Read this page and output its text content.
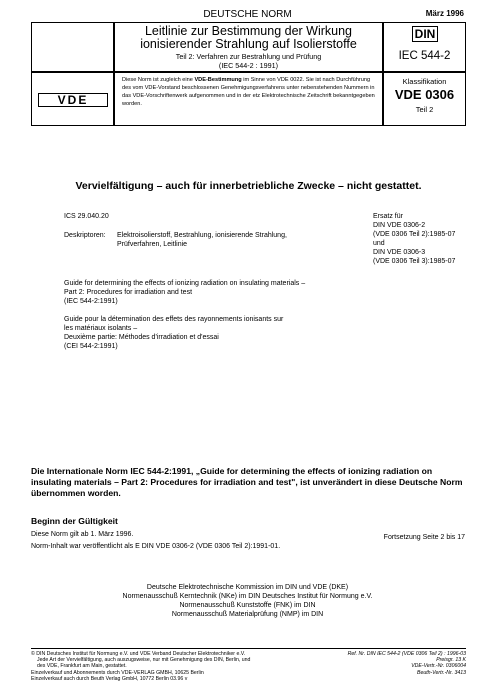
DEUTSCHE NORM	März 1996
Leitlinie zur Bestimmung der Wirkung
ionisierender Strahlung auf Isolierstoffe
Teil 2: Verfahren zur Bestrahlung und Prüfung
(IEC 544-2 : 1991)
DIN
IEC 544-2
VDE
Diese Norm ist zugleich eine VDE-Bestimmung im Sinne von VDE 0022. Sie ist nach Durchführung des vom VDE-Vorstand beschlossenen Genehmigungsverfahrens unter nebenstehenden Nummern in das VDE-Vorschriftenwerk aufgenommen und in der etz Elektrotechnische Zeitschrift bekanntgegeben worden.
Klassifikation
VDE 0306
Teil 2
Vervielfältigung – auch für innerbetriebliche Zwecke – nicht gestattet.
ICS 29.040.20
Deskriptoren: Elektroisolierstoff, Bestrahlung, ionisierende Strahlung,
Prüfverfahren, Leitlinie
Ersatz für
DIN VDE 0306-2
(VDE 0306 Teil 2):1985-07
und
DIN VDE 0306-3
(VDE 0306 Teil 3):1985-07
Guide for determining the effects of ionizing radiation on insulating materials –
Part 2: Procedures for irradiation and test
(IEC 544-2:1991)
Guide pour la détermination des effets des rayonnements ionisants sur
les matériaux isolants –
Deuxième partie: Méthodes d'irradiation et d'essai
(CEI 544-2:1991)
Die Internationale Norm IEC 544-2:1991, „Guide for determining the effects of ionizing radiation on insulating materials – Part 2: Procedures for irradiation and test", ist unverändert in diese Deutsche Norm übernommen worden.
Beginn der Gültigkeit
Diese Norm gilt ab 1. März 1996.
Norm-Inhalt war veröffentlicht als E DIN VDE 0306-2 (VDE 0306 Teil 2):1991-01.
Fortsetzung Seite 2 bis 17
Deutsche Elektrotechnische Kommission im DIN und VDE (DKE)
Normenausschuß Kerntechnik (NKe) im DIN Deutsches Institut für Normung e.V.
Normenausschuß Kunststoffe (FNK) im DIN
Normenausschuß Materialprüfung (NMP) im DIN
© DIN Deutsches Institut für Normung e.V. und VDE Verband Deutscher Elektrotechniker e.V.
Jede Art der Vervielfältigung, auch auszugsweise, nur mit Genehmigung des DIN, Berlin, und
des VDE, Frankfurt am Main, gestattet.
Einzelverkauf und Abonnements durch VDE-VERLAG GMBH, 10625 Berlin
Einzelverkauf auch durch Beuth Verlag GmbH, 10772 Berlin 03.96 v
Ref. Nr. DIN IEC 544-2 (VDE 0306 Teil 2) : 1996-03
Preisgr. 13 K
VDE-Vertr.-Nr. 0306004
Beuth-Vertr.-Nr. 3413
